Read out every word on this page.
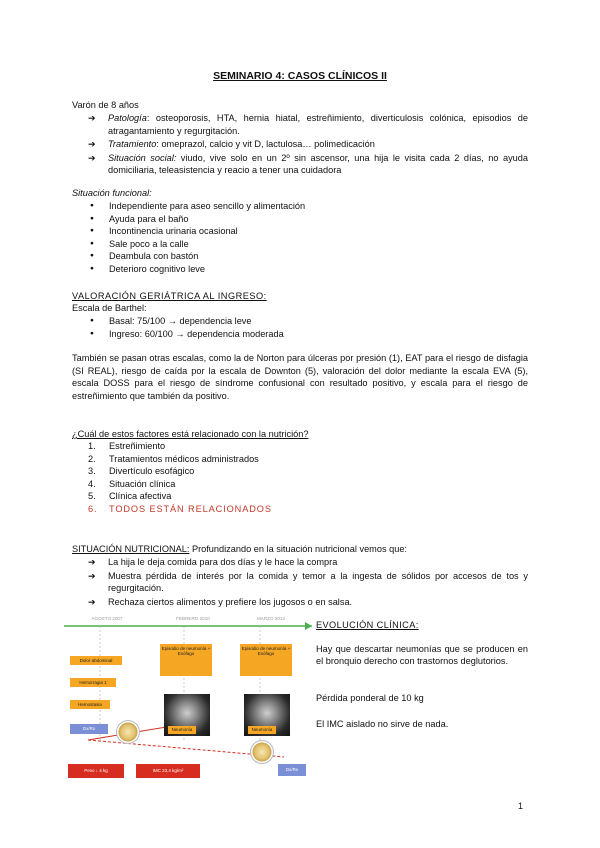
SEMINARIO 4: CASOS CLÍNICOS II
Varón de 8 años
➔ Patología: osteoporosis, HTA, hernia hiatal, estreñimiento, diverticulosis colónica, episodios de atragantamiento y regurgitación.
➔ Tratamiento: omeprazol, calcio y vit D, lactulosa… polimedicación
➔ Situación social: viudo, vive solo en un 2º sin ascensor, una hija le visita cada 2 días, no ayuda domiciliaria, teleasistencia y reacio a tener una cuidadora
Situación funcional:
● Independiente para aseo sencillo y alimentación
● Ayuda para el baño
● Incontinencia urinaria ocasional
● Sale poco a la calle
● Deambula con bastón
● Deterioro cognitivo leve
VALORACIÓN GERIÁTRICA AL INGRESO:
Escala de Barthel:
● Basal: 75/100 → dependencia leve
● Ingreso: 60/100 → dependencia moderada
También se pasan otras escalas, como la de Norton para úlceras por presión (1), EAT para el riesgo de disfagia (SI REAL), riesgo de caída por la escala de Downton (5), valoración del dolor mediante la escala EVA (5), escala DOSS para el riesgo de síndrome confusional con resultado positivo, y escala para el riesgo de estreñimiento que también da positivo.
¿Cuál de estos factores está relacionado con la nutrición?
1. Estreñimiento
2. Tratamientos médicos administrados
3. Divertículo esofágico
4. Situación clínica
5. Clínica afectiva
6. TODOS ESTÁN RELACIONADOS
SITUACIÓN NUTRICIONAL: Profundizando en la situación nutricional vemos que:
➔ La hija le deja comida para dos días y le hace la compra
➔ Muestra pérdida de interés por la comida y temor a la ingesta de sólidos por accesos de tos y regurgitación.
➔ Rechaza ciertos alimentos y prefiere los jugosos o en salsa.
AGOSTO 2007	FEBRERO 2010	MARZO 2012
Dolor abdominal
Hemorragia 1
Hemostasia
Dx/Rx
Episodio de neumonía + Esófago
Neumonía
Episodio de neumonía + Esófago
Neumonía
Peso ↓ 4 kg	IMC 23,4 kg/m²	Dx/Rx
EVOLUCIÓN CLÍNICA:
Hay que descartar neumonías que se producen en el bronquio derecho con trastornos deglutorios.
Pérdida ponderal de 10 kg
El IMC aislado no sirve de nada.
1
